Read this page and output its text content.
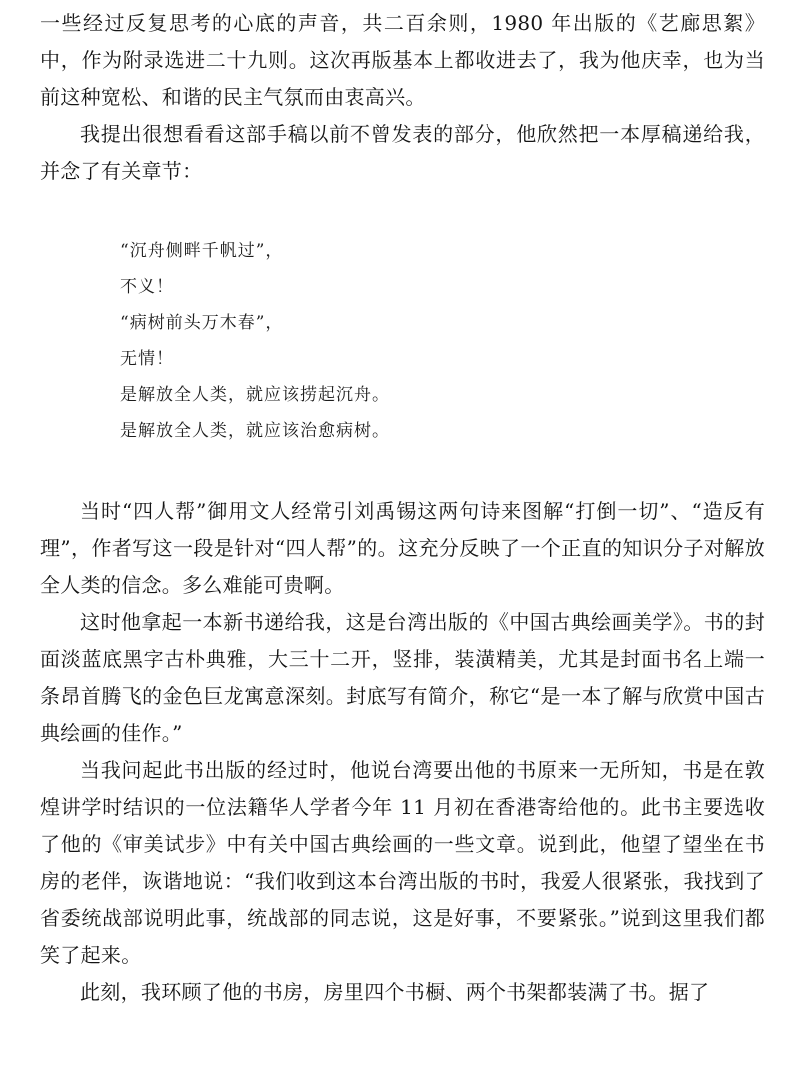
一些经过反复思考的心底的声音，共二百余则，1980 年出版的《艺廊思絮》中，作为附录选进二十九则。这次再版基本上都收进去了，我为他庆幸，也为当前这种宽松、和谐的民主气氛而由衷高兴。

我提出很想看看这部手稿以前不曾发表的部分，他欣然把一本厚稿递给我，并念了有关章节：

“沉舟侧畔千帆过”，
不义！
“病树前头万木春”，
无情！
是解放全人类，就应该捞起沉舟。
是解放全人类，就应该治愈病树。

当时“四人帮”御用文人经常引刘禹锡这两句诗来图解“打倒一切”、“造反有理”，作者写这一段是针对“四人帮”的。这充分反映了一个正直的知识分子对解放全人类的信念。多么难能可贵啊。

这时他拿起一本新书递给我，这是台湾出版的《中国古典绘画美学》。书的封面淡蓝底黑字古朴典雅，大三十二开，竖排，装潢精美，尤其是封面书名上端一条昂首腾飞的金色巨龙寓意深刻。封底写有简介，称它“是一本了解与欣赏中国古典绘画的佳作。”

当我问起此书出版的经过时，他说台湾要出他的书原来一无所知，书是在敦煌讲学时结识的一位法籍华人学者今年 11 月初在香港寄给他的。此书主要选收了他的《审美试步》中有关中国古典绘画的一些文章。说到此，他望了望坐在书房的老伴，诙谐地说：“我们收到这本台湾出版的书时，我爱人很紧张，我找到了省委统战部说明此事，统战部的同志说，这是好事，不要紧张。”说到这里我们都笑了起来。

此刻，我环顾了他的书房，房里四个书橱、两个书架都装满了书。据了
